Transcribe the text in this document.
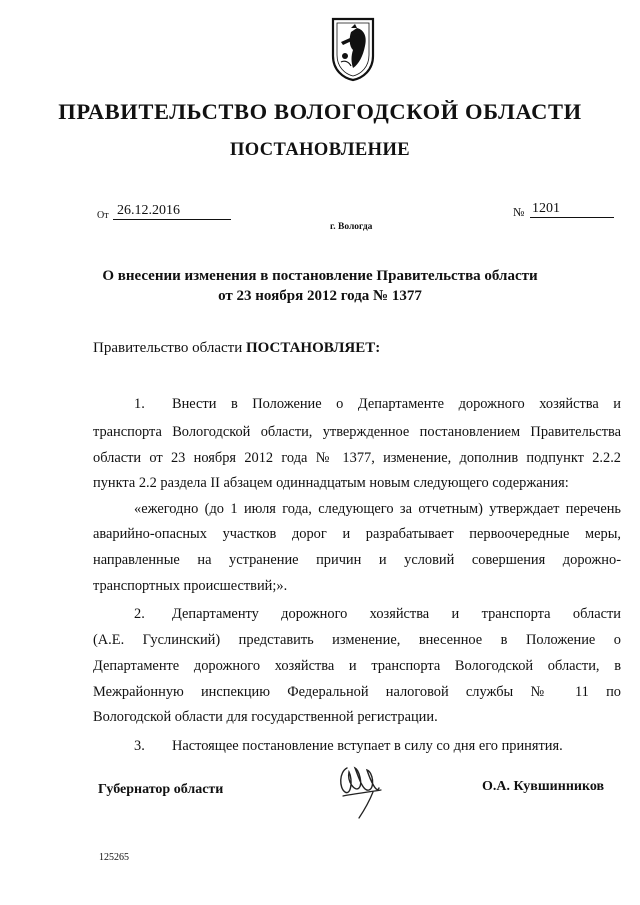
ПРАВИТЕЛЬСТВО ВОЛОГОДСКОЙ ОБЛАСТИ
ПОСТАНОВЛЕНИЕ
От 26.12.2016	№ 1201
г. Вологда
О внесении изменения в постановление Правительства области
от 23 ноября 2012 года № 1377
Правительство области ПОСТАНОВЛЯЕТ:
1. Внести в Положение о Департаменте дорожного хозяйства и
транспорта Вологодской области, утвержденное постановлением Правительства
области от 23 ноября 2012 года № 1377, изменение, дополнив подпункт 2.2.2
пункта 2.2 раздела II абзацем одиннадцатым новым следующего содержания:
«ежегодно (до 1 июля года, следующего за отчетным) утверждает перечень
аварийно-опасных участков дорог и разрабатывает первоочередные меры,
направленные на устранение причин и условий совершения дорожно-
транспортных происшествий;».
2. Департаменту дорожного хозяйства и транспорта области
(А.Е. Гуслинский) представить изменение, внесенное в Положение о
Департаменте дорожного хозяйства и транспорта Вологодской области, в
Межрайонную инспекцию Федеральной налоговой службы № 11 по
Вологодской области для государственной регистрации.
3. Настоящее постановление вступает в силу со дня его принятия.
Губернатор области	О.А. Кувшинников
125265
